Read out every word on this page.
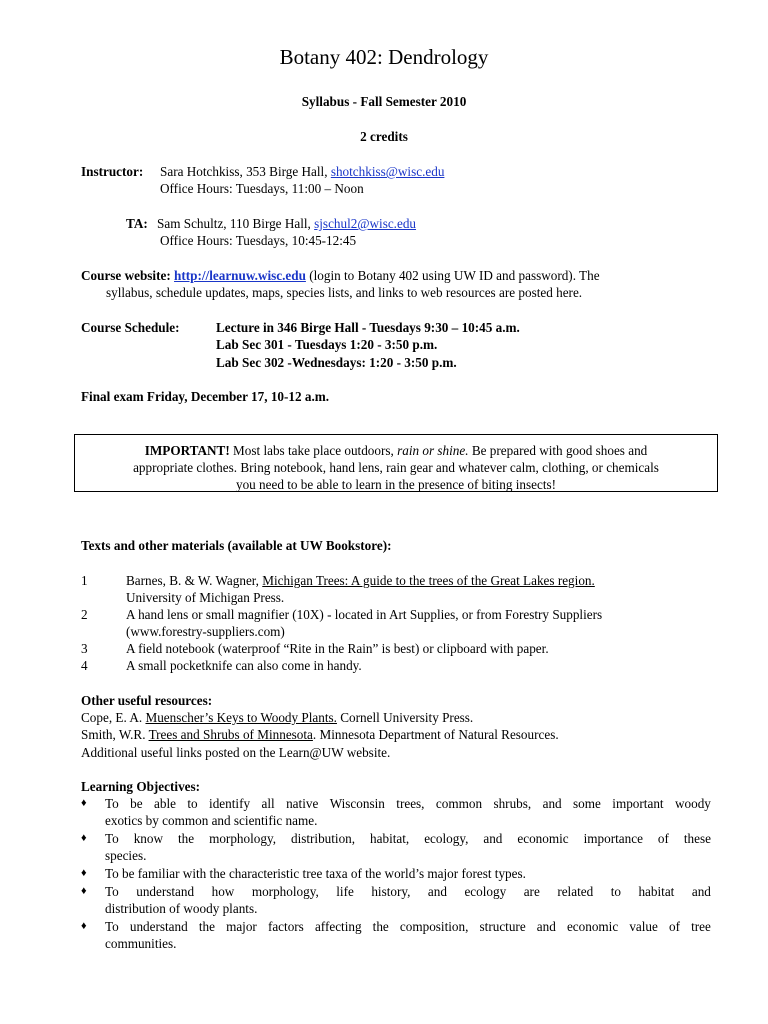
Botany 402: Dendrology
Syllabus - Fall Semester 2010
2 credits
Instructor: Sara Hotchkiss, 353 Birge Hall, shotchkiss@wisc.edu
Office Hours: Tuesdays, 11:00 – Noon
TA: Sam Schultz, 110 Birge Hall, sjschul2@wisc.edu
Office Hours: Tuesdays, 10:45-12:45
Course website: http://learnuw.wisc.edu (login to Botany 402 using UW ID and password). The
syllabus, schedule updates, maps, species lists, and links to web resources are posted here.
Course Schedule:	Lecture in 346 Birge Hall - Tuesdays 9:30 – 10:45 a.m.
Lab Sec 301 - Tuesdays 1:20 - 3:50 p.m.
Lab Sec 302 -Wednesdays: 1:20 - 3:50 p.m.
Final exam Friday, December 17, 10-12 a.m.
IMPORTANT! Most labs take place outdoors, rain or shine. Be prepared with good shoes and
appropriate clothes. Bring notebook, hand lens, rain gear and whatever calm, clothing, or chemicals
you need to be able to learn in the presence of biting insects!
Texts and other materials (available at UW Bookstore):
1	Barnes, B. & W. Wagner, Michigan Trees: A guide to the trees of the Great Lakes region.
University of Michigan Press.
2	A hand lens or small magnifier (10X) - located in Art Supplies, or from Forestry Suppliers
(www.forestry-suppliers.com)
3	A field notebook (waterproof “Rite in the Rain” is best) or clipboard with paper.
4	A small pocketknife can also come in handy.
Other useful resources:
Cope, E. A. Muenscher’s Keys to Woody Plants. Cornell University Press.
Smith, W.R. Trees and Shrubs of Minnesota. Minnesota Department of Natural Resources.
Additional useful links posted on the Learn@UW website.
Learning Objectives:
♦ To be able to identify all native Wisconsin trees, common shrubs, and some important woody
exotics by common and scientific name.
♦ To know the morphology, distribution, habitat, ecology, and economic importance of these
species.
♦ To be familiar with the characteristic tree taxa of the world’s major forest types.
♦ To understand how morphology, life history, and ecology are related to habitat and
distribution of woody plants.
♦ To understand the major factors affecting the composition, structure and economic value of tree
communities.
